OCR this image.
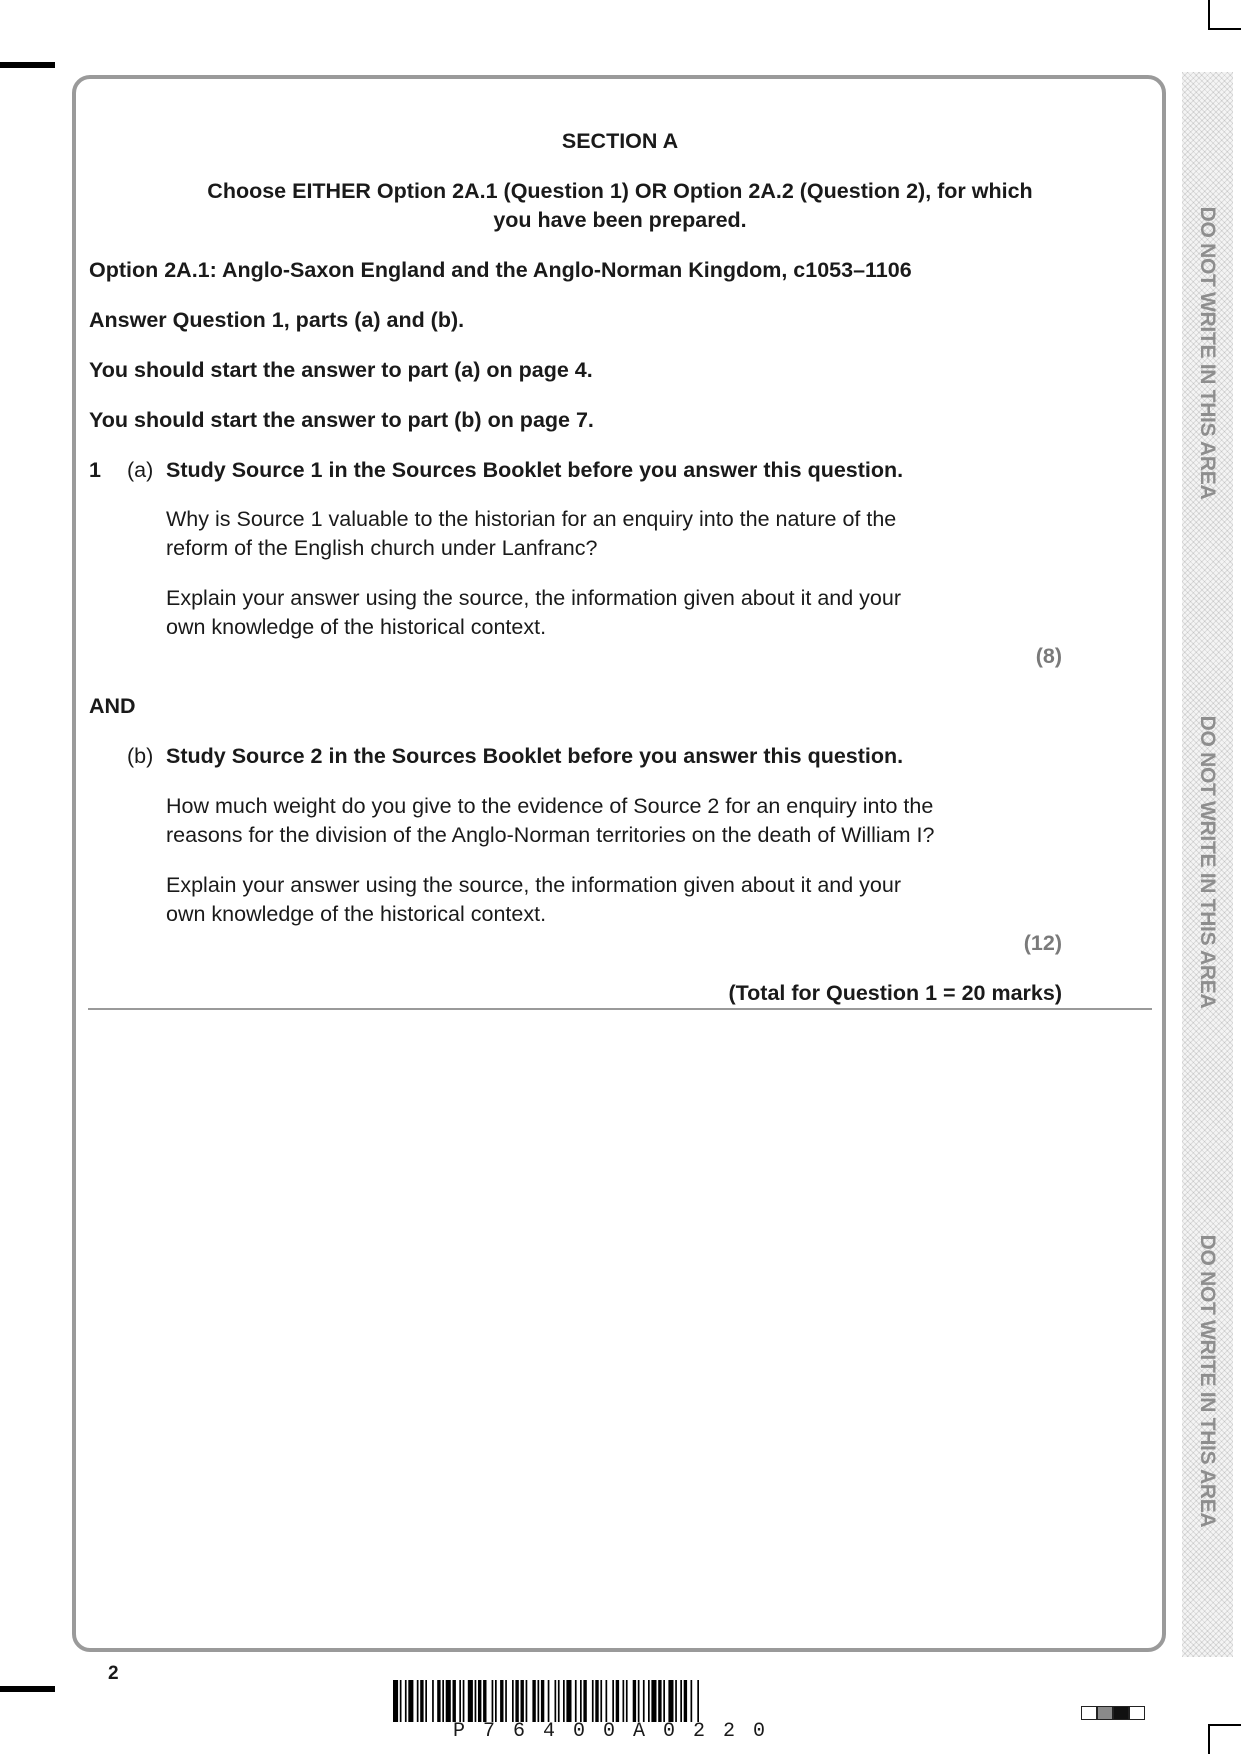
DO NOT WRITE IN THIS AREA
DO NOT WRITE IN THIS AREA
DO NOT WRITE IN THIS AREA
SECTION A
Choose EITHER Option 2A.1 (Question 1) OR Option 2A.2 (Question 2), for which
you have been prepared.
Option 2A.1: Anglo-Saxon England and the Anglo-Norman Kingdom, c1053–1106
Answer Question 1, parts (a) and (b).
You should start the answer to part (a) on page 4.
You should start the answer to part (b) on page 7.
1 (a) Study Source 1 in the Sources Booklet before you answer this question.
Why is Source 1 valuable to the historian for an enquiry into the nature of the
reform of the English church under Lanfranc?
Explain your answer using the source, the information given about it and your
own knowledge of the historical context.
(8)
AND
(b) Study Source 2 in the Sources Booklet before you answer this question.
How much weight do you give to the evidence of Source 2 for an enquiry into the
reasons for the division of the Anglo-Norman territories on the death of William I?
Explain your answer using the source, the information given about it and your
own knowledge of the historical context.
(12)
(Total for Question 1 = 20 marks)
2
P76400A0220
